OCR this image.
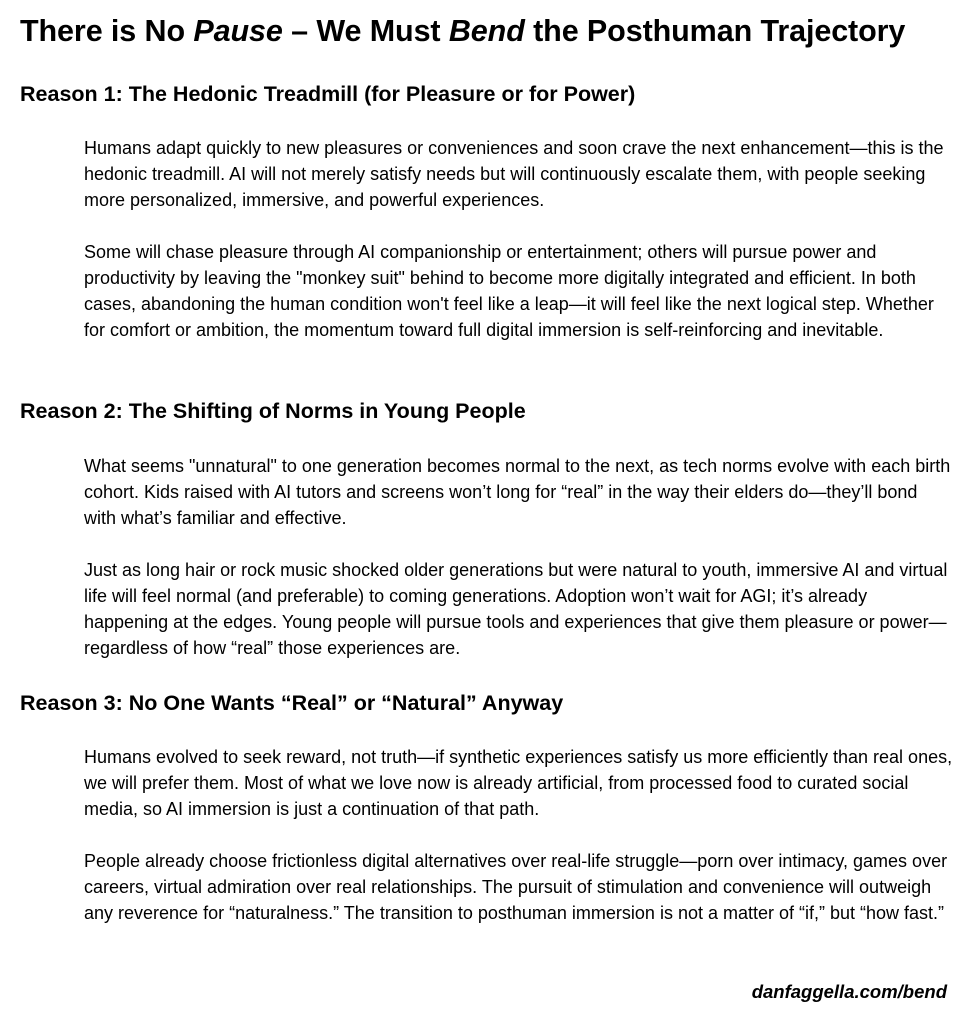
There is No Pause – We Must Bend the Posthuman Trajectory
Reason 1: The Hedonic Treadmill (for Pleasure or for Power)

Humans adapt quickly to new pleasures or conveniences and soon crave the next enhancement—this is the hedonic treadmill. AI will not merely satisfy needs but will continuously escalate them, with people seeking more personalized, immersive, and powerful experiences.

Some will chase pleasure through AI companionship or entertainment; others will pursue power and productivity by leaving the "monkey suit" behind to become more digitally integrated and efficient. In both cases, abandoning the human condition won't feel like a leap—it will feel like the next logical step. Whether for comfort or ambition, the momentum toward full digital immersion is self-reinforcing and inevitable.

Reason 2: The Shifting of Norms in Young People

What seems "unnatural" to one generation becomes normal to the next, as tech norms evolve with each birth cohort. Kids raised with AI tutors and screens won’t long for “real” in the way their elders do—they’ll bond with what’s familiar and effective.

Just as long hair or rock music shocked older generations but were natural to youth, immersive AI and virtual life will feel normal (and preferable) to coming generations. Adoption won’t wait for AGI; it’s already happening at the edges. Young people will pursue tools and experiences that give them pleasure or power—regardless of how “real” those experiences are.

Reason 3: No One Wants “Real” or “Natural” Anyway

Humans evolved to seek reward, not truth—if synthetic experiences satisfy us more efficiently than real ones, we will prefer them. Most of what we love now is already artificial, from processed food to curated social media, so AI immersion is just a continuation of that path.

People already choose frictionless digital alternatives over real-life struggle—porn over intimacy, games over careers, virtual admiration over real relationships. The pursuit of stimulation and convenience will outweigh any reverence for “naturalness.” The transition to posthuman immersion is not a matter of “if,” but “how fast.”

danfaggella.com/bend
